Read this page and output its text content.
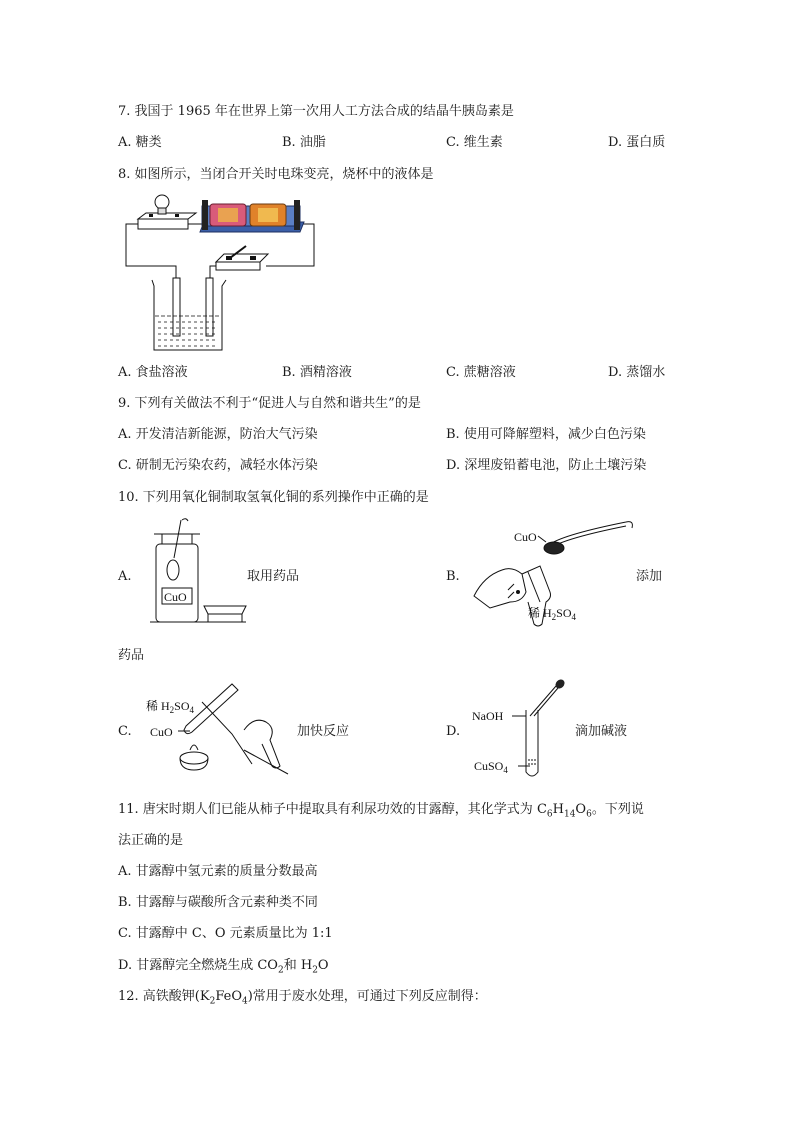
7. 我国于 1965 年在世界上第一次用人工方法合成的结晶牛胰岛素是
A. 糖类	B. 油脂	C. 维生素	D. 蛋白质
8. 如图所示，当闭合开关时电珠变亮，烧杯中的液体是
A. 食盐溶液	B. 酒精溶液	C. 蔗糖溶液	D. 蒸馏水
9. 下列有关做法不利于“促进人与自然和谐共生”的是
A. 开发清洁新能源，防治大气污染	B. 使用可降解塑料，减少白色污染
C. 研制无污染农药，减轻水体污染	D. 深埋废铅蓄电池，防止土壤污染
10. 下列用氧化铜制取氢氧化铜的系列操作中正确的是
A.
CuO
取用药品	B.
CuO
稀 $H_2SO_4$
添加
药品
C.
稀 $H_2SO_4$
CuO	加快反应	D.
NaOH
CuSO$_4$
滴加碱液
11. 唐宋时期人们已能从柿子中提取具有利尿功效的甘露醇，其化学式为 $C_6H_{14}O_6$。下列说
法正确的是
A. 甘露醇中氢元素的质量分数最高
B. 甘露醇与碳酸所含元素种类不同
C. 甘露醇中 C、O 元素质量比为 1:1
D. 甘露醇完全燃烧生成 $CO_2$和 $H_2O$
12. 高铁酸钾$(K_2FeO_4)$常用于废水处理，可通过下列反应制得：
